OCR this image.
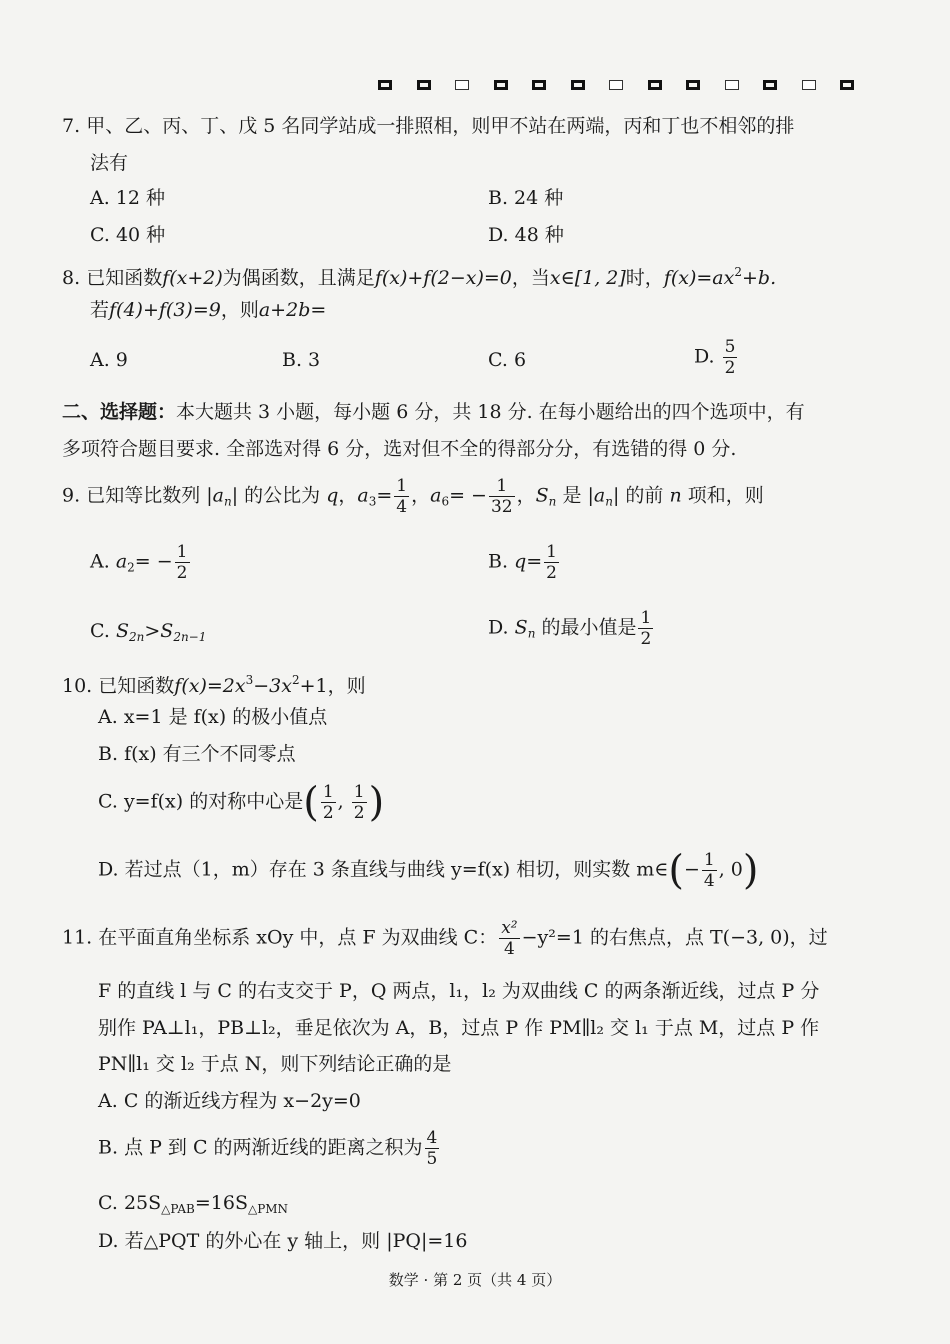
7. 甲、乙、丙、丁、戊 5 名同学站成一排照相，则甲不站在两端，丙和丁也不相邻的排
法有
A. 12 种	B. 24 种
C. 40 种	D. 48 种
8. 已知函数f(x+2)为偶函数，且满足f(x)+f(2−x)=0，当x∈[1, 2]时，$f(x)=ax^2+b$.
若f(4)+f(3)=9，则a+2b=
A. 9	B. 3	C. 6	D. $\frac{5}{2}$
二、选择题：本大题共 3 小题，每小题 6 分，共 18 分. 在每小题给出的四个选项中，有
多项符合题目要求. 全部选对得 6 分，选对但不全的得部分分，有选错的得 0 分.
9. 已知等比数列 $|a_n|$ 的公比为 q，$a_3= \frac{1}{4}$ ，$a_6= - \frac{1}{32}$ ，$S_n$ 是 $|a_n|$ 的前 n 项和，则
A. $a_2= - \frac{1}{2}$	B. $q= \frac{1}{2}$
C. $S_{2n}>S_{2n-1}$	D. $S_n$ 的最小值是 $\frac{1}{2}$
10. 已知函数$f(x)=2x^3-3x^2+1$，则
A. x=1 是 f(x) 的极小值点
B. f(x) 有三个不同零点
C. y=f(x) 的对称中心是( $\frac{1}{2}$ , $\frac{1}{2}$ )
D. 若过点（1，m）存在 3 条直线与曲线 y=f(x) 相切，则实数 m∈(− $\frac{1}{4}$ , 0)
11. 在平面直角坐标系 xOy 中，点 F 为双曲线 C： $\frac{\text{x²}}{4} -y^2=1$ 的右焦点，点 T(−3, 0)，过
F 的直线 l 与 C 的右支交于 P，Q 两点，l₁，l₂ 为双曲线 C 的两条渐近线，过点 P 分
别作 PA⊥l₁，PB⊥l₂，垂足依次为 A，B，过点 P 作 PM∥l₂ 交 l₁ 于点 M，过点 P 作
PN∥l₁ 交 l₂ 于点 N，则下列结论正确的是
A. C 的渐近线方程为 x−2y=0
B. 点 P 到 C 的两渐近线的距离之积为 $\frac{4}{5}$
C. $25S_{\triangle PAB}=16S_{\triangle PMN}$
D. 若△PQT 的外心在 y 轴上，则 |PQ|=16
数学 · 第 2 页（共 4 页）
